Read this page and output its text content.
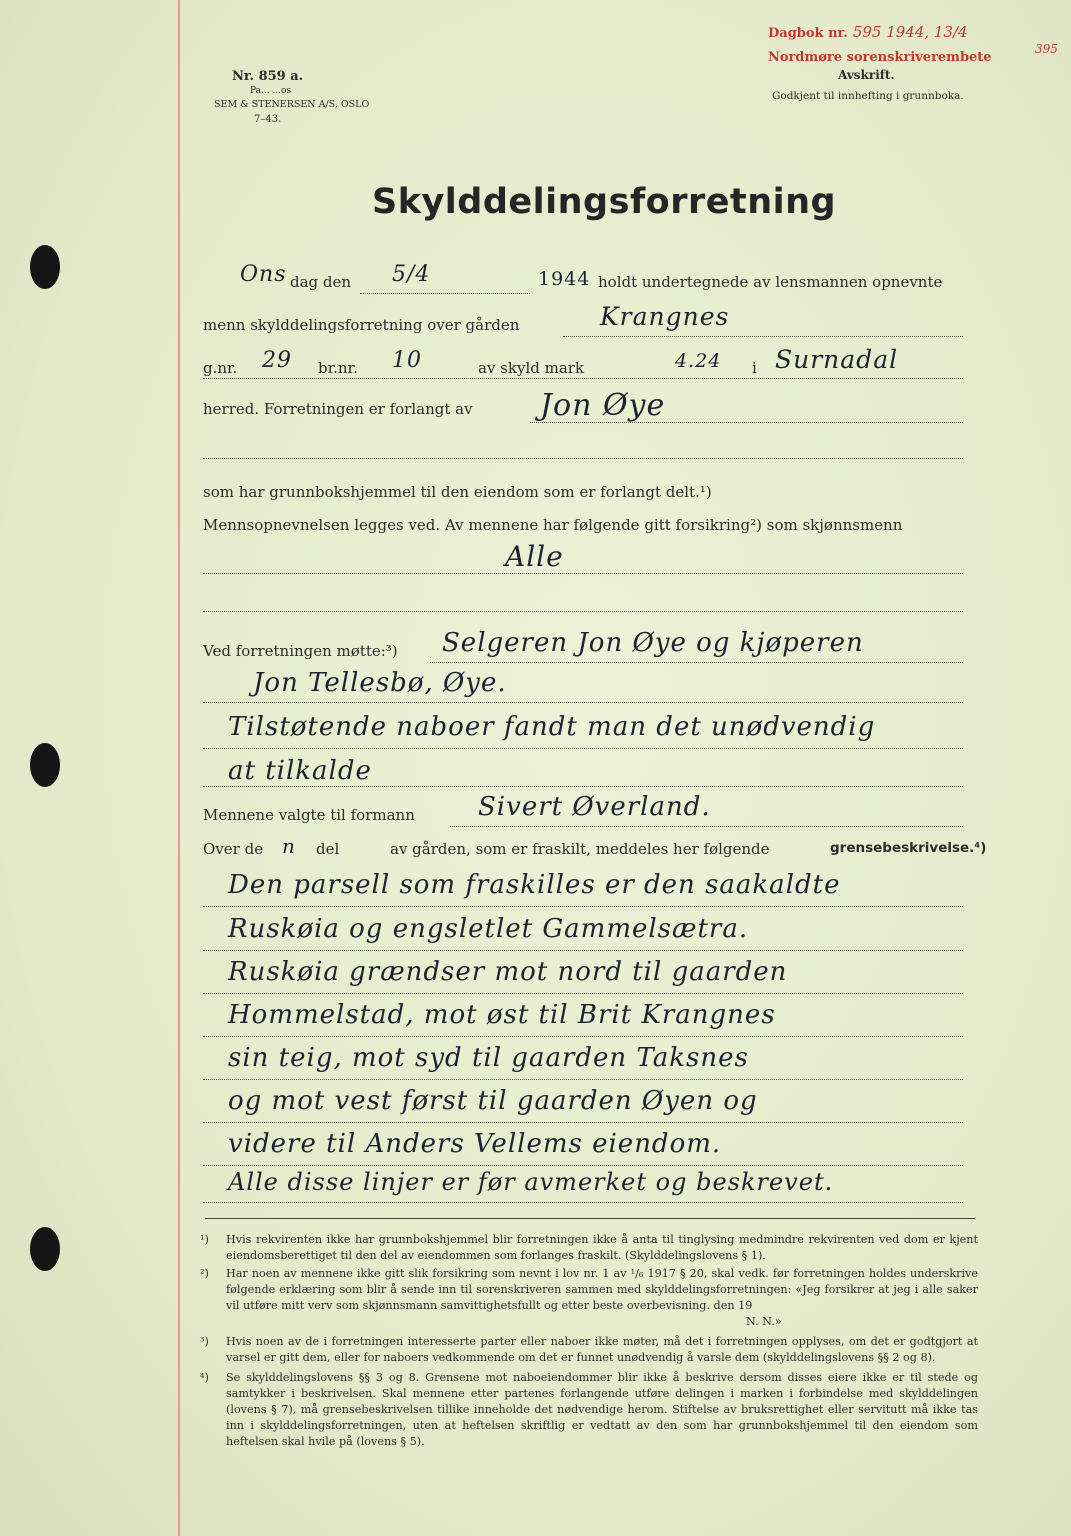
Nr. 859 a.
Pa... ...os
SEM & STENERSEN A/S, OSLO
7–43.
Dagbok nr. 595 1944, 13/4
Nordmøre sorenskriverembete
395
Avskrift.
Godkjent til innhefting i grunnboka.
Skylddelingsforretning
Ons dag den 5/4	1944 holdt undertegnede av lensmannen opnevnte
menn skylddelingsforretning over gården	Krangnes
g.nr. 29 br.nr. 10	av skyld mark	4.24 i Surnadal
herred. Forretningen er forlangt av Jon Øye
som har grunnbokshjemmel til den eiendom som er forlangt delt.¹)
Mennsopnevnelsen legges ved. Av mennene har følgende gitt forsikring²) som skjønnsmenn
Alle
Ved forretningen møtte:³) Selgeren Jon Øye og kjøperen
Jon Tellesbø, Øye.
Tilstøtende naboer fandt man det unødvendig
at tilkalde
Mennene valgte til formann Sivert Øverland.
Over de n del	av gården, som er fraskilt, meddeles her følgende	grensebeskrivelse.⁴)
Den parsell som fraskilles er den saakaldte
Ruskøia og engsletlet Gammelsætra.
Ruskøia grændser mot nord til gaarden
Hommelstad, mot øst til Brit Krangnes
sin teig, mot syd til gaarden Taksnes
og mot vest først til gaarden Øyen og
videre til Anders Vellems eiendom.
Alle disse linjer er før avmerket og beskrevet.
¹)	Hvis rekvirenten ikke har grunnbokshjemmel blir forretningen ikke å anta til tinglysing medmindre rekvirenten ved dom er kjent eiendomsberettiget til den del av eiendommen som forlanges fraskilt. (Skylddelingslovens § 1).
²)	Har noen av mennene ikke gitt slik forsikring som nevnt i lov nr. 1 av ¹/₆ 1917 § 20, skal vedk. før forretningen holdes underskrive følgende erklæring som blir å sende inn til sorenskriveren sammen med skylddelingsforretningen: «Jeg forsikrer at jeg i alle saker vil utføre mitt verv som skjønnsmann samvittighetsfullt og etter beste overbevisning. den 19
N. N.»
³)	Hvis noen av de i forretningen interesserte parter eller naboer ikke møter, må det i forretningen opplyses, om det er godtgjort at varsel er gitt dem, eller for naboers vedkommende om det er funnet unødvendig å varsle dem (skylddelingslovens §§ 2 og 8).
⁴)	Se skylddelingslovens §§ 3 og 8. Grensene mot naboeiendommer blir ikke å beskrive dersom disses eiere ikke er til stede og samtykker i beskrivelsen. Skal mennene etter partenes forlangende utføre delingen i marken i forbindelse med skylddelingen (lovens § 7), må grensebeskrivelsen tillike inneholde det nødvendige herom. Stiftelse av bruksrettighet eller servitutt må ikke tas inn i skylddelingsforretningen, uten at heftelsen skriftlig er vedtatt av den som har grunnbokshjemmel til den eiendom som heftelsen skal hvile på (lovens § 5).
